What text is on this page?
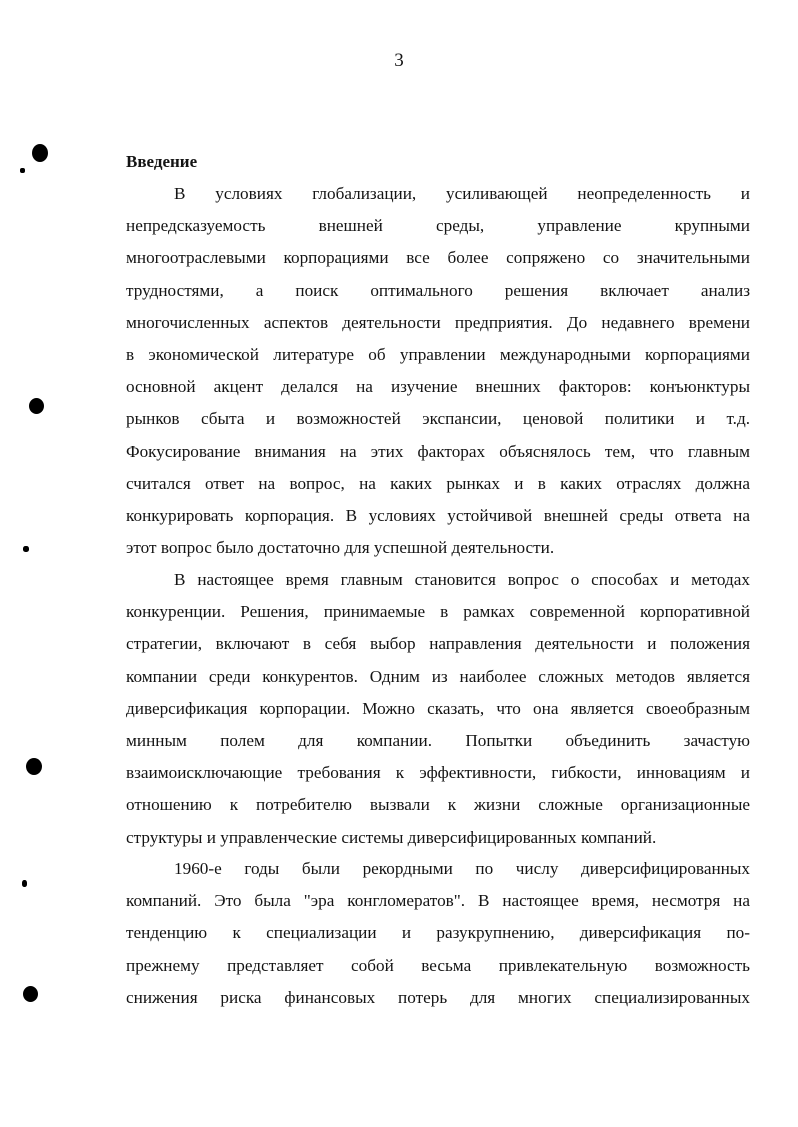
3
Введение
В условиях глобализации, усиливающей неопределенность и
непредсказуемость внешней среды, управление крупными
многоотраслевыми корпорациями все более сопряжено со значительными
трудностями, а поиск оптимального решения включает анализ
многочисленных аспектов деятельности предприятия. До недавнего времени
в экономической литературе об управлении международными корпорациями
основной акцент делался на изучение внешних факторов: конъюнктуры
рынков сбыта и возможностей экспансии, ценовой политики и т.д.
Фокусирование внимания на этих факторах объяснялось тем, что главным
считался ответ на вопрос, на каких рынках и в каких отраслях должна
конкурировать корпорация. В условиях устойчивой внешней среды ответа на
этот вопрос было достаточно для успешной деятельности.
В настоящее время главным становится вопрос о способах и методах
конкуренции. Решения, принимаемые в рамках современной корпоративной
стратегии, включают в себя выбор направления деятельности и положения
компании среди конкурентов. Одним из наиболее сложных методов является
диверсификация корпорации. Можно сказать, что она является своеобразным
минным полем для компании. Попытки объединить зачастую
взаимоисключающие требования к эффективности, гибкости, инновациям и
отношению к потребителю вызвали к жизни сложные организационные
структуры и управленческие системы диверсифицированных компаний.
1960-е годы были рекордными по числу диверсифицированных
компаний. Это была "эра конгломератов". В настоящее время, несмотря на
тенденцию к специализации и разукрупнению, диверсификация по-
прежнему представляет собой весьма привлекательную возможность
снижения риска финансовых потерь для многих специализированных
